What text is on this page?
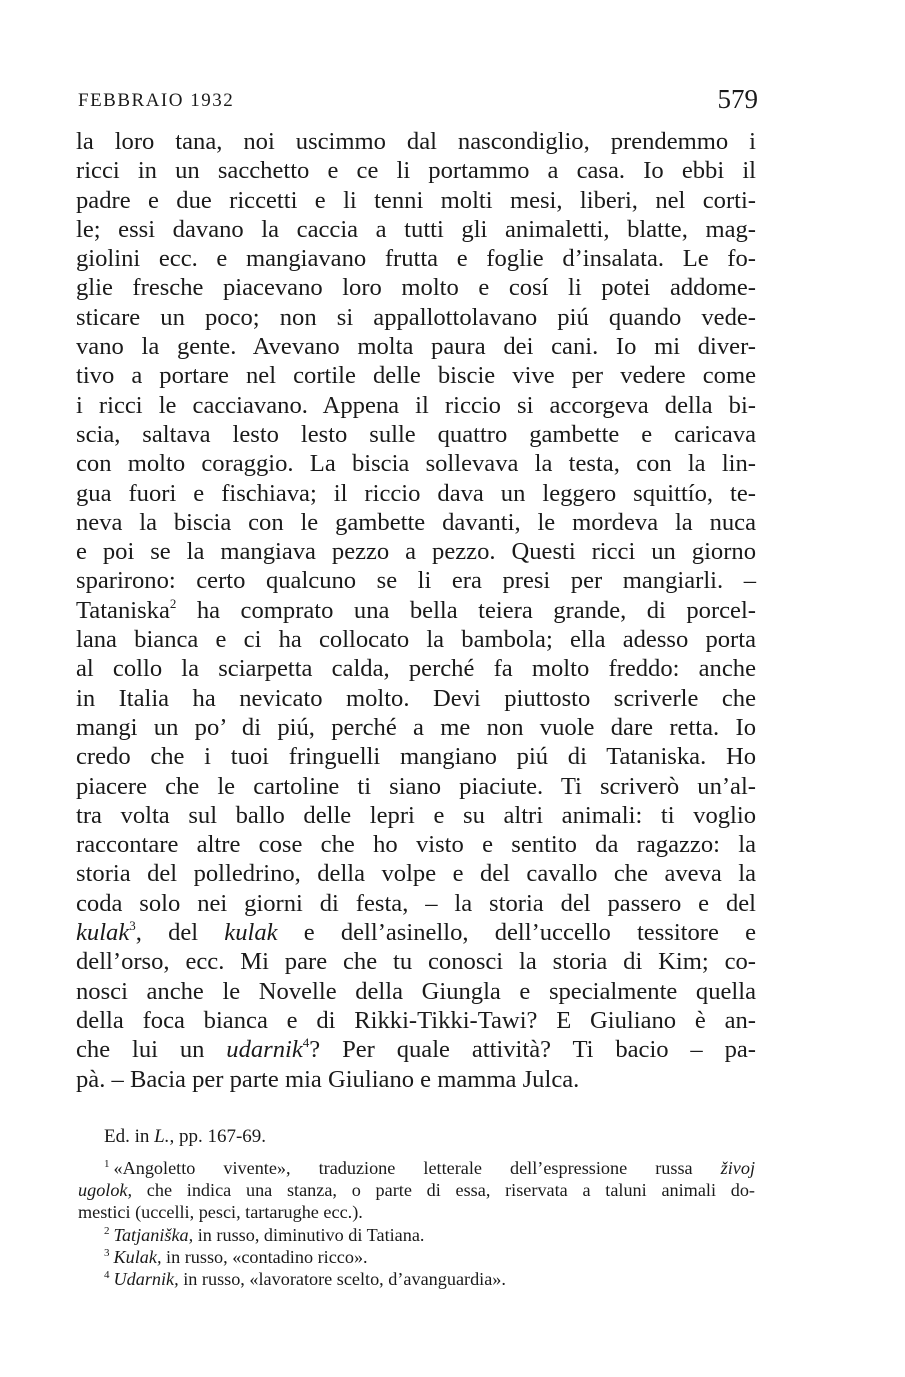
FEBBRAIO 1932	579
la loro tana, noi uscimmo dal nascondiglio, prendemmo i
ricci in un sacchetto e ce li portammo a casa. Io ebbi il
padre e due riccetti e li tenni molti mesi, liberi, nel corti-
le; essi davano la caccia a tutti gli animaletti, blatte, mag-
giolini ecc. e mangiavano frutta e foglie d’insalata. Le fo-
glie fresche piacevano loro molto e cosí li potei addome-
sticare un poco; non si appallottolavano piú quando vede-
vano la gente. Avevano molta paura dei cani. Io mi diver-
tivo a portare nel cortile delle biscie vive per vedere come
i ricci le cacciavano. Appena il riccio si accorgeva della bi-
scia, saltava lesto lesto sulle quattro gambette e caricava
con molto coraggio. La biscia sollevava la testa, con la lin-
gua fuori e fischiava; il riccio dava un leggero squittío, te-
neva la biscia con le gambette davanti, le mordeva la nuca
e poi se la mangiava pezzo a pezzo. Questi ricci un giorno
sparirono: certo qualcuno se li era presi per mangiarli. –
Tataniska$^2$ ha comprato una bella teiera grande, di porcel-
lana bianca e ci ha collocato la bambola; ella adesso porta
al collo la sciarpetta calda, perché fa molto freddo: anche
in Italia ha nevicato molto. Devi piuttosto scriverle che
mangi un po’ di piú, perché a me non vuole dare retta. Io
credo che i tuoi fringuelli mangiano piú di Tataniska. Ho
piacere che le cartoline ti siano piaciute. Ti scriverò un’al-
tra volta sul ballo delle lepri e su altri animali: ti voglio
raccontare altre cose che ho visto e sentito da ragazzo: la
storia del polledrino, della volpe e del cavallo che aveva la
coda solo nei giorni di festa, – la storia del passero e del
kulak$^3$, del kulak e dell’asinello, dell’uccello tessitore e
dell’orso, ecc. Mi pare che tu conosci la storia di Kim; co-
nosci anche le Novelle della Giungla e specialmente quella
della foca bianca e di Rikki-Tikki-Tawi? E Giuliano è an-
che lui un udarnik$^4$? Per quale attività? Ti bacio – pa-
pà. – Bacia per parte mia Giuliano e mamma Julca.
Ed. in L., pp. 167-69.
$^1$ «Angoletto vivente», traduzione letterale dell’espressione russa živoj
ugolok, che indica una stanza, o parte di essa, riservata a taluni animali do-
mestici (uccelli, pesci, tartarughe ecc.).
$^2$ Tatjaniška, in russo, diminutivo di Tatiana.
$^3$ Kulak, in russo, «contadino ricco».
$^4$ Udarnik, in russo, «lavoratore scelto, d’avanguardia».
